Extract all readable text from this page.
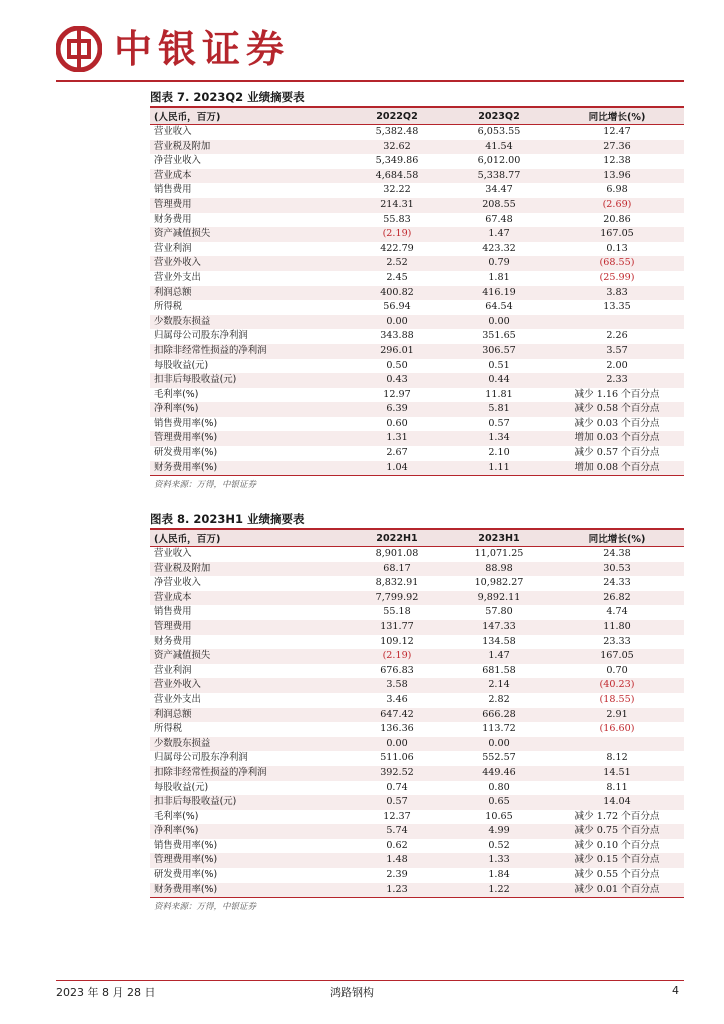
中银证券
图表 7. 2023Q2 业绩摘要表
(人民币，百万)	2022Q2	2023Q2	同比增长(%)
营业收入	5,382.48	6,053.55	12.47
营业税及附加	32.62	41.54	27.36
净营业收入	5,349.86	6,012.00	12.38
营业成本	4,684.58	5,338.77	13.96
销售费用	32.22	34.47	6.98
管理费用	214.31	208.55	(2.69)
财务费用	55.83	67.48	20.86
资产减值损失	(2.19)	1.47	167.05
营业利润	422.79	423.32	0.13
营业外收入	2.52	0.79	(68.55)
营业外支出	2.45	1.81	(25.99)
利润总额	400.82	416.19	3.83
所得税	56.94	64.54	13.35
少数股东损益	0.00	0.00	
归属母公司股东净利润	343.88	351.65	2.26
扣除非经常性损益的净利润	296.01	306.57	3.57
每股收益(元)	0.50	0.51	2.00
扣非后每股收益(元)	0.43	0.44	2.33
毛利率(%)	12.97	11.81	减少 1.16 个百分点
净利率(%)	6.39	5.81	减少 0.58 个百分点
销售费用率(%)	0.60	0.57	减少 0.03 个百分点
管理费用率(%)	1.31	1.34	增加 0.03 个百分点
研发费用率(%)	2.67	2.10	减少 0.57 个百分点
财务费用率(%)	1.04	1.11	增加 0.08 个百分点
资料来源：万得，中银证券
图表 8. 2023H1 业绩摘要表
(人民币，百万)	2022H1	2023H1	同比增长(%)
营业收入	8,901.08	11,071.25	24.38
营业税及附加	68.17	88.98	30.53
净营业收入	8,832.91	10,982.27	24.33
营业成本	7,799.92	9,892.11	26.82
销售费用	55.18	57.80	4.74
管理费用	131.77	147.33	11.80
财务费用	109.12	134.58	23.33
资产减值损失	(2.19)	1.47	167.05
营业利润	676.83	681.58	0.70
营业外收入	3.58	2.14	(40.23)
营业外支出	3.46	2.82	(18.55)
利润总额	647.42	666.28	2.91
所得税	136.36	113.72	(16.60)
少数股东损益	0.00	0.00	
归属母公司股东净利润	511.06	552.57	8.12
扣除非经常性损益的净利润	392.52	449.46	14.51
每股收益(元)	0.74	0.80	8.11
扣非后每股收益(元)	0.57	0.65	14.04
毛利率(%)	12.37	10.65	减少 1.72 个百分点
净利率(%)	5.74	4.99	减少 0.75 个百分点
销售费用率(%)	0.62	0.52	减少 0.10 个百分点
管理费用率(%)	1.48	1.33	减少 0.15 个百分点
研发费用率(%)	2.39	1.84	减少 0.55 个百分点
财务费用率(%)	1.23	1.22	减少 0.01 个百分点
资料来源：万得，中银证券
2023 年 8 月 28 日	鸿路钢构	4
